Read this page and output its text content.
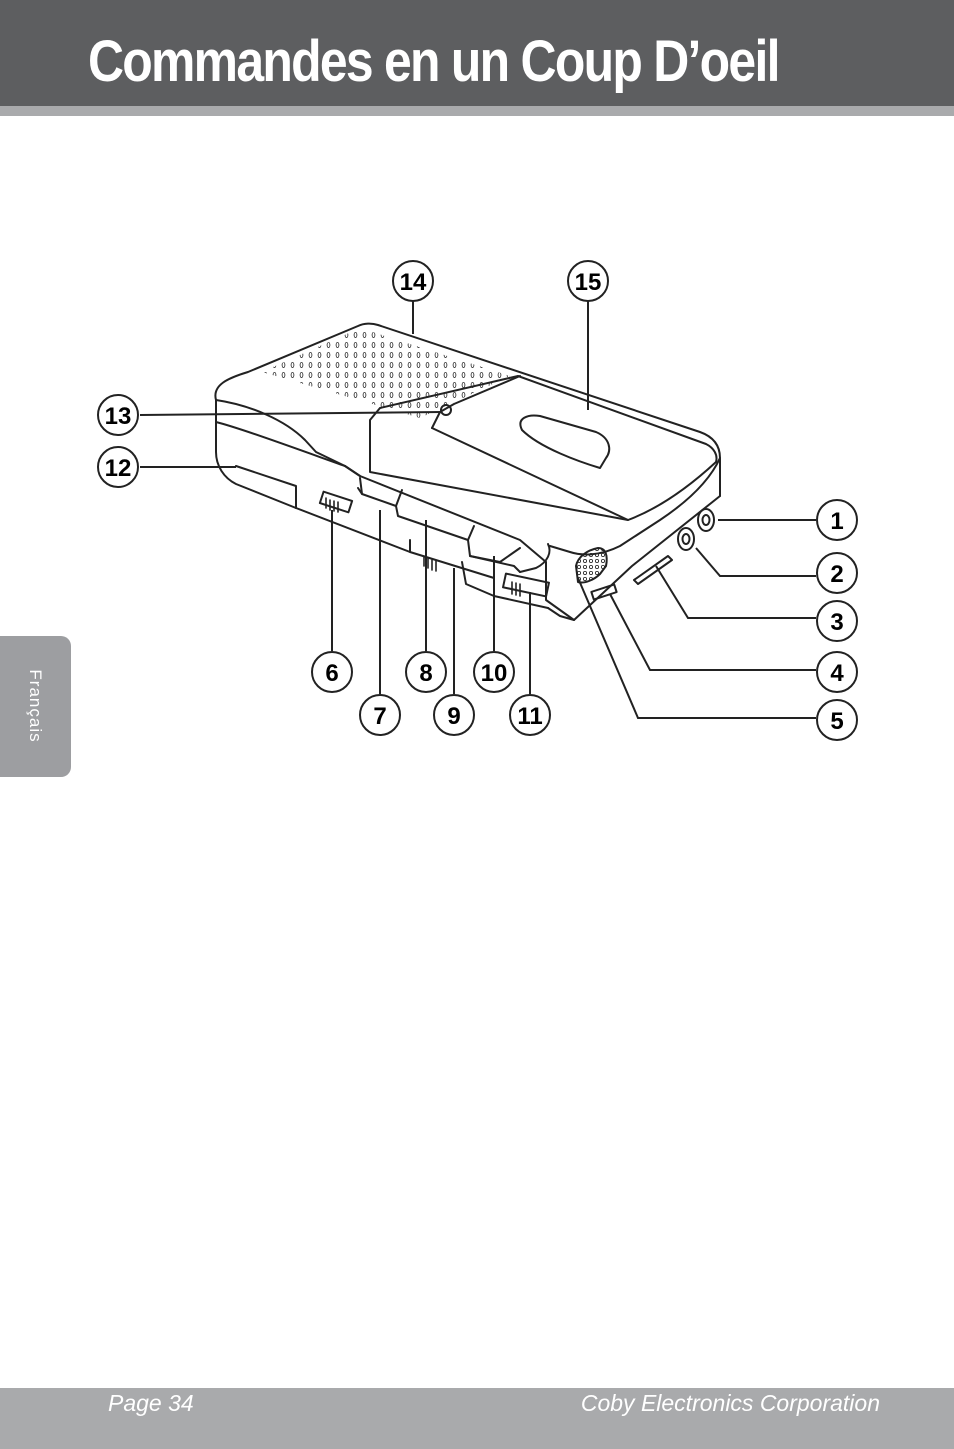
Commandes en un Coup D’oeil
Français
1
2
3
4
5
6
7
8
9
10
11
12
13
14	15
Page 34	Coby Electronics Corporation
